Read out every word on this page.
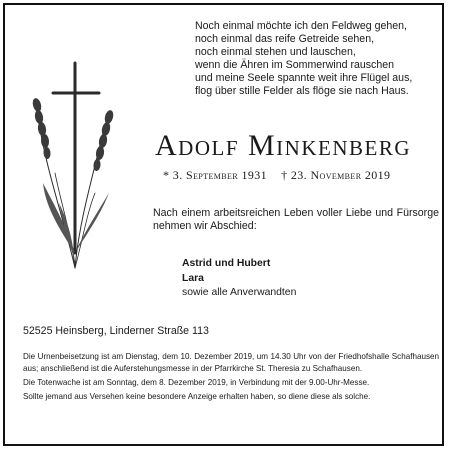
Noch einmal möchte ich den Feldweg gehen,
noch einmal das reife Getreide sehen,
noch einmal stehen und lauschen,
wenn die Ähren im Sommerwind rauschen
und meine Seele spannte weit ihre Flügel aus,
flog über stille Felder als flöge sie nach Haus.
Adolf Minkenberg
* 3. September 1931 † 23. November 2019
Nach einem arbeitsreichen Leben voller Liebe und Fürsorge nehmen wir Abschied:
Astrid und Hubert
Lara
sowie alle Anverwandten
52525 Heinsberg, Linderner Straße 113

Die Urnenbeisetzung ist am Dienstag, dem 10. Dezember 2019, um 14.30 Uhr von der Friedhofshalle Schafhausen aus; anschließend ist die Auferstehungsmesse in der Pfarrkirche St. Theresia zu Schafhausen.

Die Totenwache ist am Sonntag, dem 8. Dezember 2019, in Verbindung mit der 9.00-Uhr-Messe.

Sollte jemand aus Versehen keine besondere Anzeige erhalten haben, so diene diese als solche.
